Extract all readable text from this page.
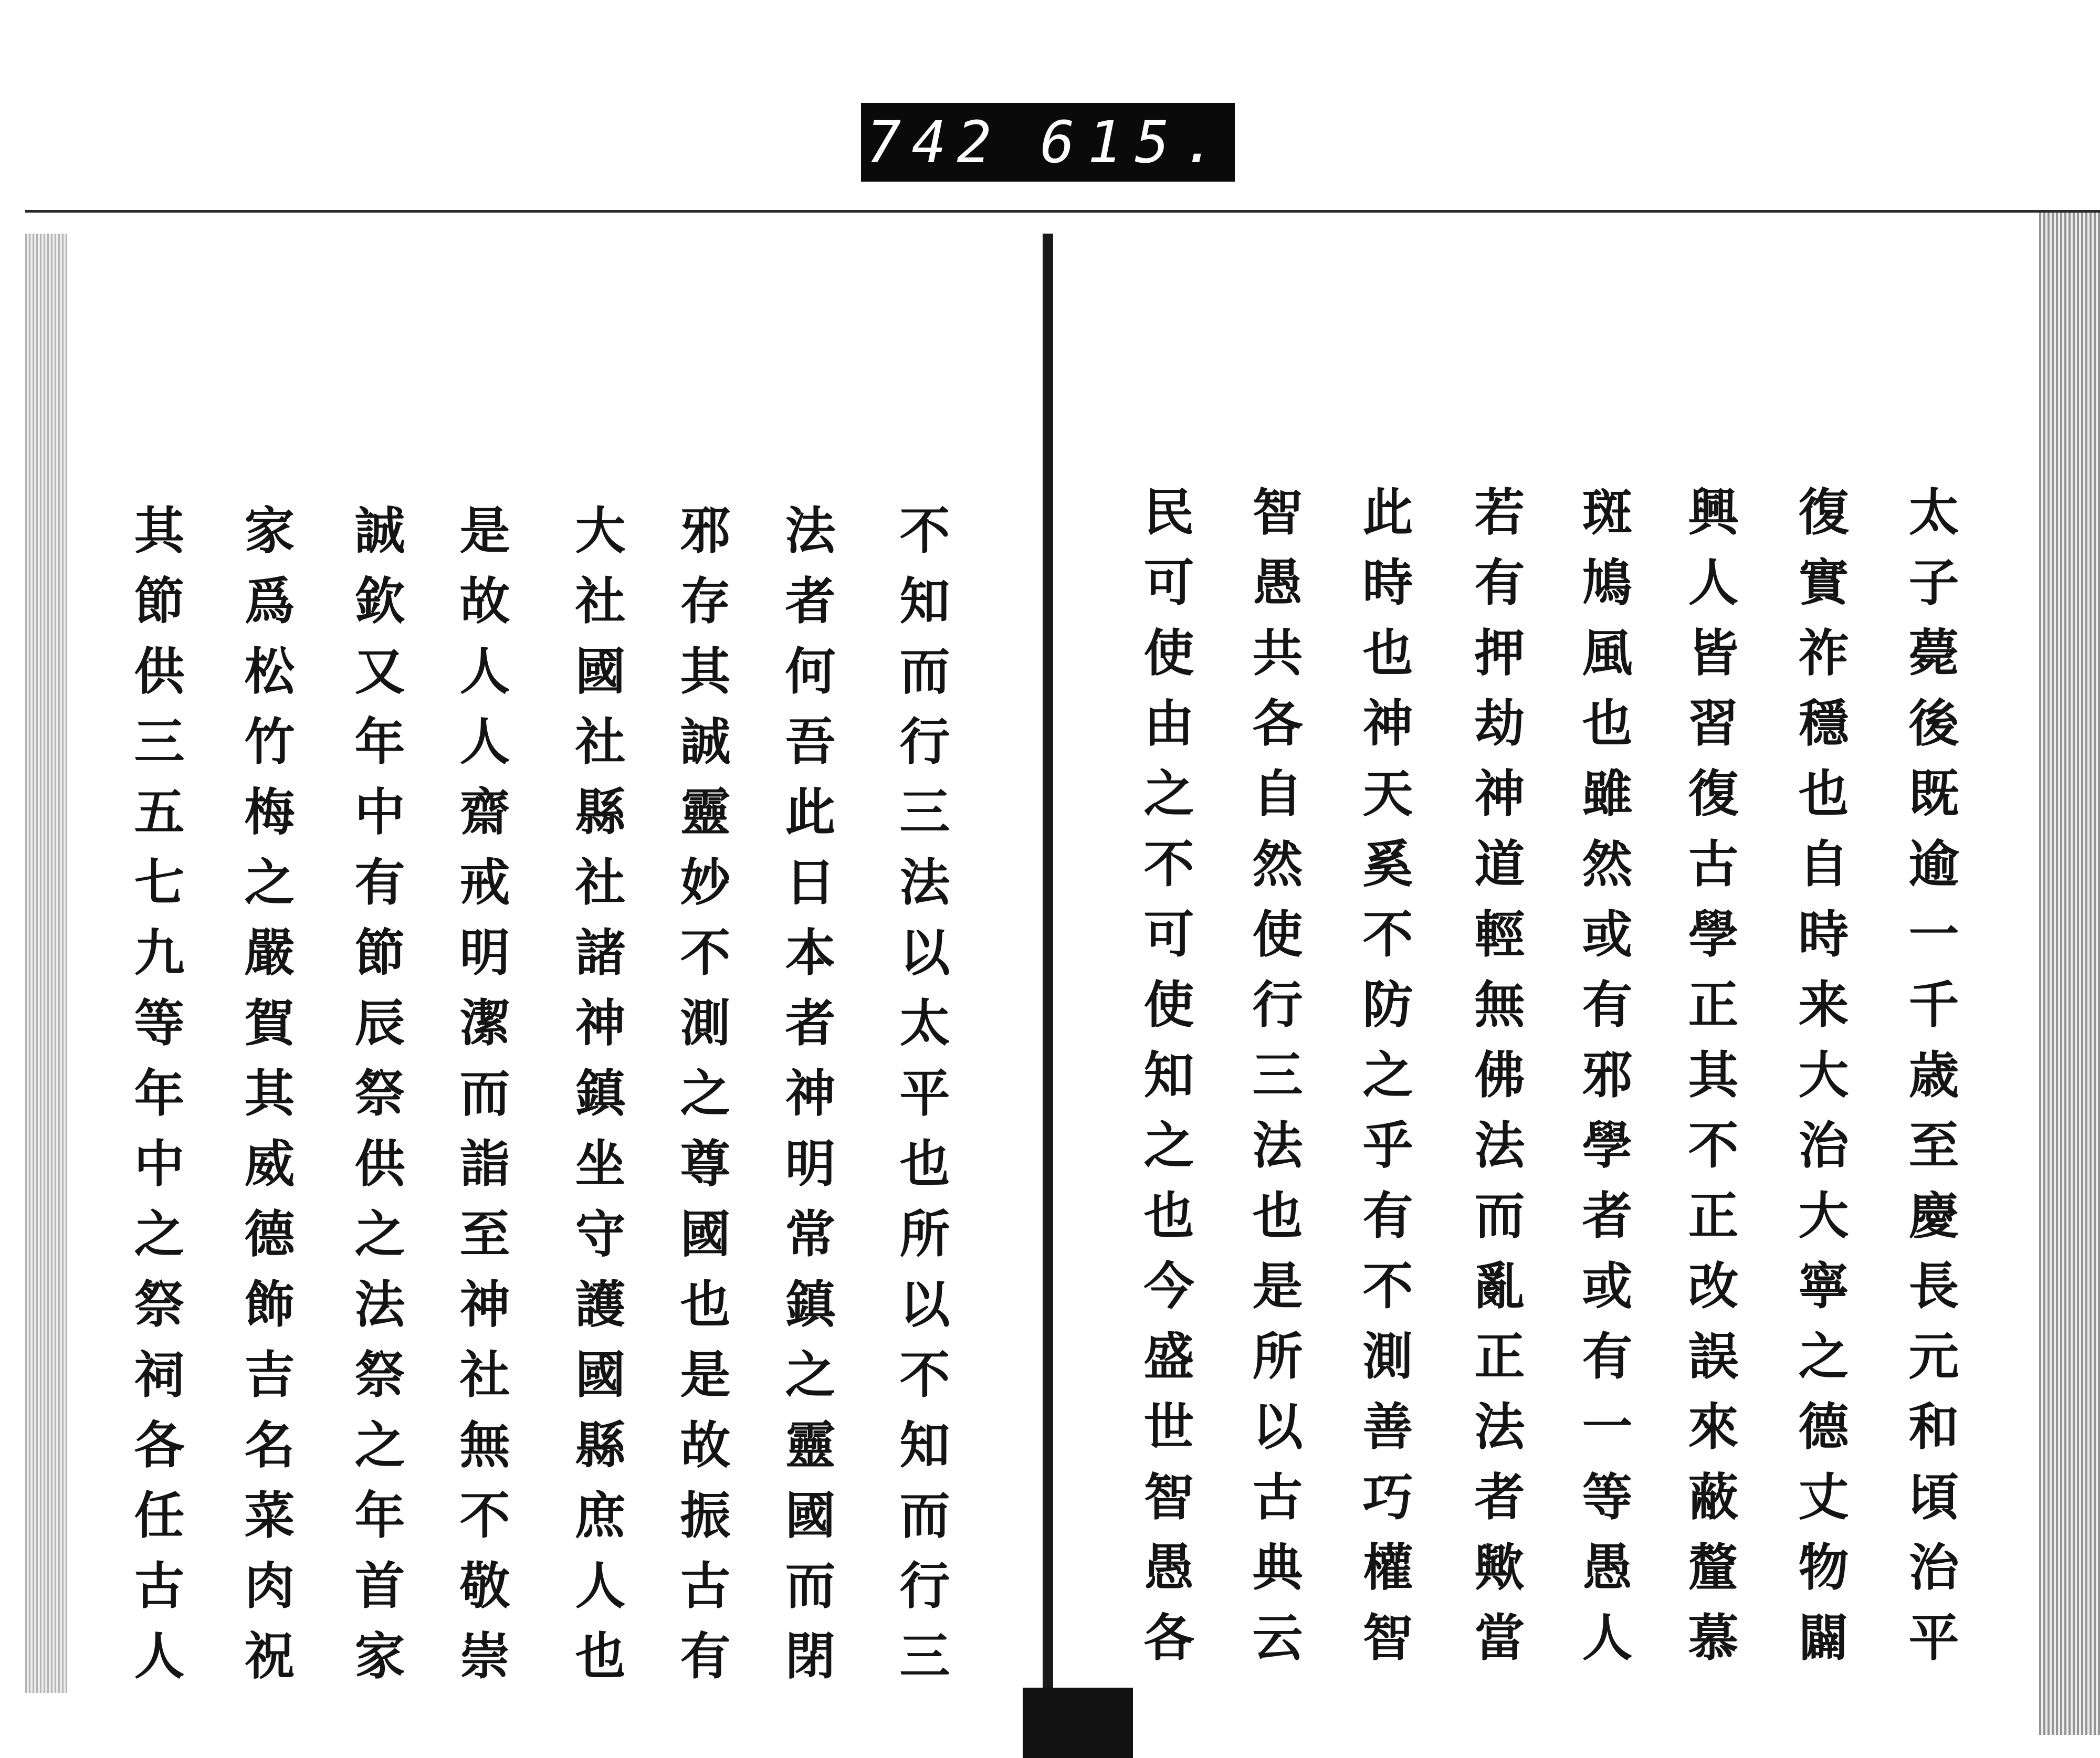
742 615.
不知而行三法以太平也所以不知而行三
法者何吾此日本者神明常鎮之靈國而閉
邪存其誠靈妙不測之尊國也是故振古有
大社國社縣社諸神鎮坐守護國縣庶人也
是故人人齋戒明潔而詣至神社無不敬崇
誠欽又年中有節辰祭供之法祭之年首家
家爲松竹梅之嚴賀其威德飾吉名菜肉祝
其節供三五七九等年中之祭祠各任古人	太子薨後既逾一千歳至慶長元和頃治平
復實祚穩也自時来大治大寧之德丈物闢
興人皆習復古學正其不正改誤來蔽釐慕
斑鳩風也雖然或有邪學者或有一等愚人
若有押劫神道輕無佛法而亂正法者歟當
此時也神天奚不防之乎有不測善巧權智
智愚共各自然使行三法也是所以古典云
民可使由之不可使知之也今盛世智愚各
